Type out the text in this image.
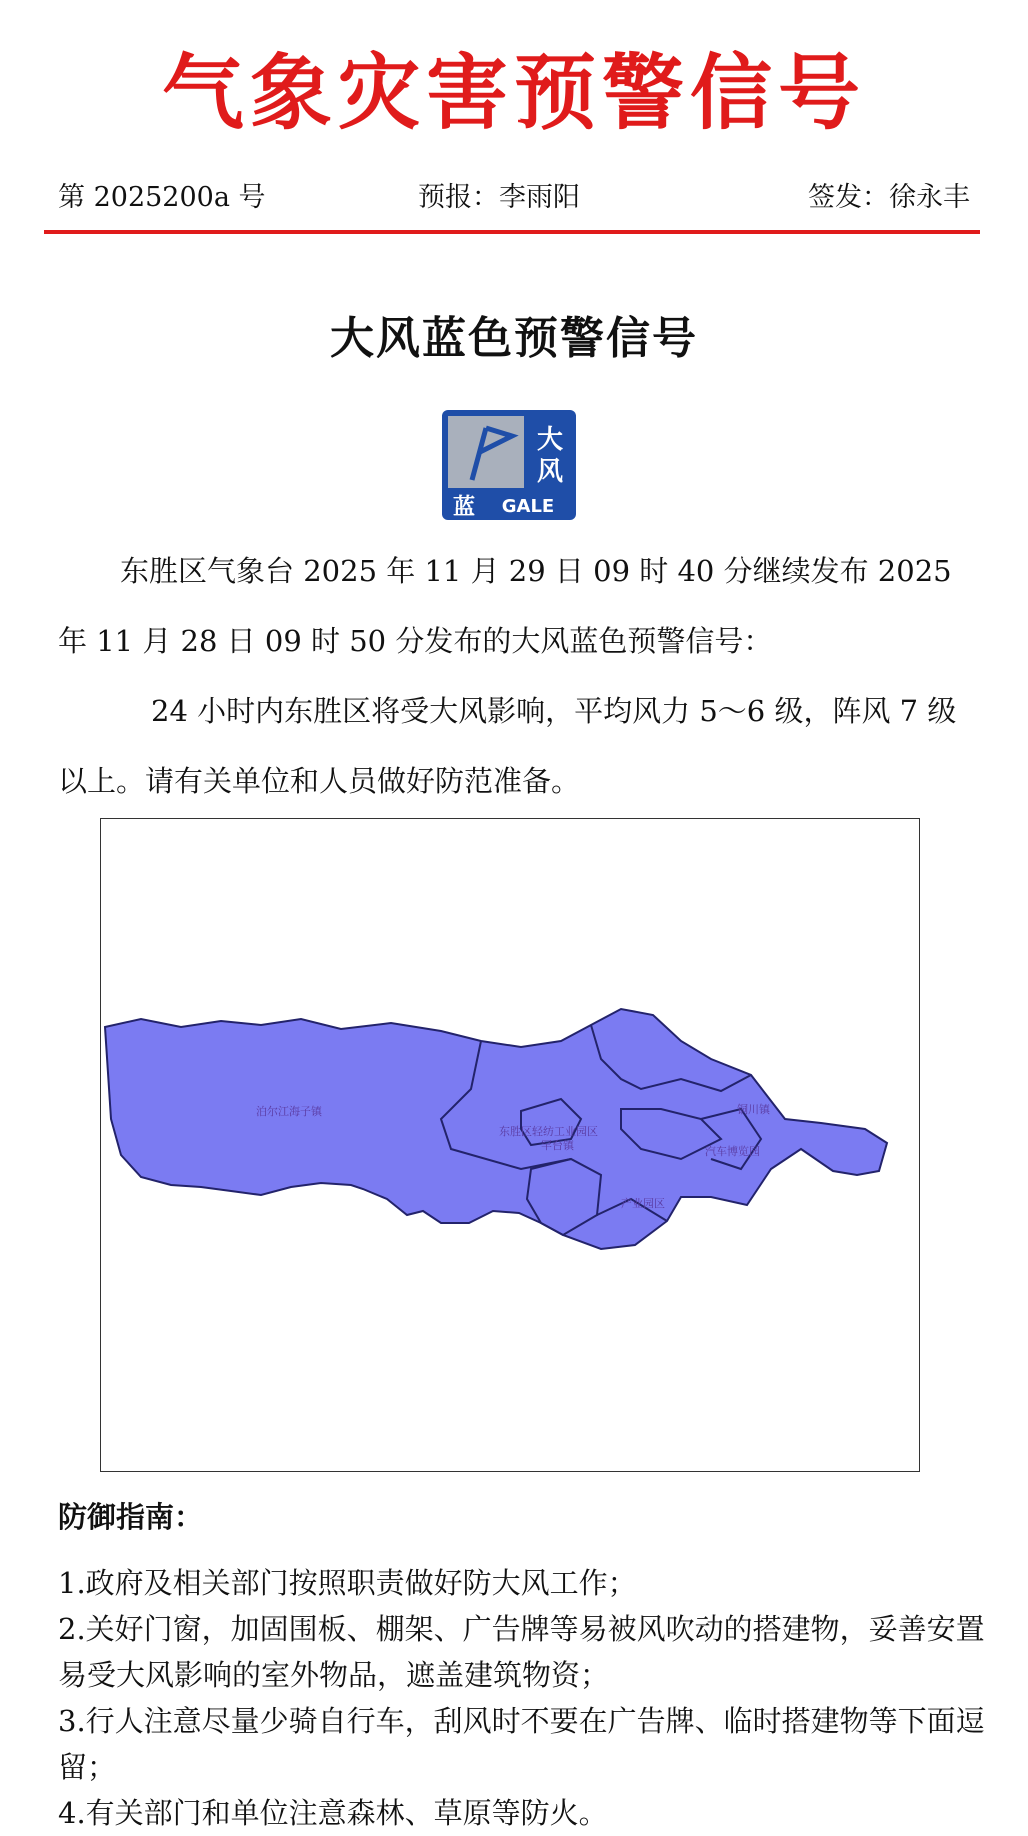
气象灾害预警信号
第 2025200a 号	预报：李雨阳	签发：徐永丰
大风蓝色预警信号
大
风
蓝 GALE
东胜区气象台 2025 年 11 月 29 日 09 时 40 分继续发布 2025 年 11 月 28 日 09 时 50 分发布的大风蓝色预警信号：
24 小时内东胜区将受大风影响，平均风力 5～6 级，阵风 7 级以上。请有关单位和人员做好防范准备。
泊尔江海子镇
东胜区轻纺工业园区
罕台镇
铜川镇
汽车博览园
产业园区
防御指南：
1.政府及相关部门按照职责做好防大风工作；
2.关好门窗，加固围板、棚架、广告牌等易被风吹动的搭建物，妥善安置易受大风影响的室外物品，遮盖建筑物资；
3.行人注意尽量少骑自行车，刮风时不要在广告牌、临时搭建物等下面逗留；
4.有关部门和单位注意森林、草原等防火。
